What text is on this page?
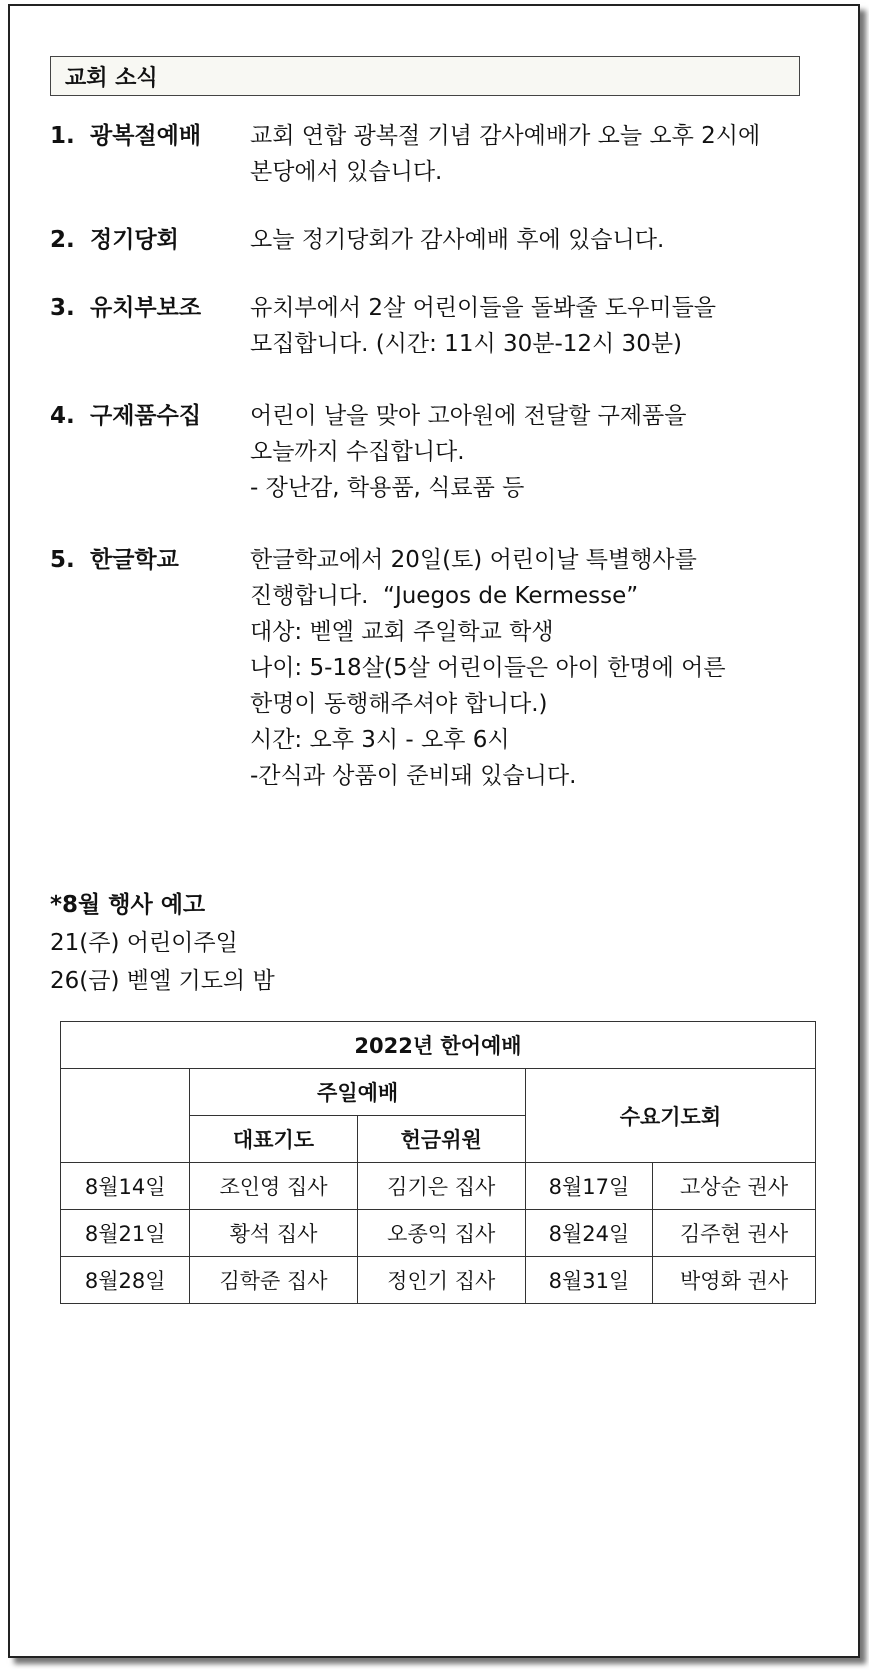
교회 소식
1. 광복절예배	교회 연합 광복절 기념 감사예배가 오늘 오후 2시에
본당에서 있습니다.
2. 정기당회	오늘 정기당회가 감사예배 후에 있습니다.
3. 유치부보조	유치부에서 2살 어린이들을 돌봐줄 도우미들을
모집합니다. (시간: 11시 30분-12시 30분)
4. 구제품수집	어린이 날을 맞아 고아원에 전달할 구제품을
오늘까지 수집합니다.
- 장난감, 학용품, 식료품 등
5. 한글학교	한글학교에서 20일(토) 어린이날 특별행사를
진행합니다.  “Juegos de Kermesse”
대상: 벧엘 교회 주일학교 학생
나이: 5-18살(5살 어린이들은 아이 한명에 어른
한명이 동행해주셔야 합니다.)
시간: 오후 3시 - 오후 6시
-간식과 상품이 준비돼 있습니다.
*8월 행사 예고
21(주) 어린이주일
26(금) 벧엘 기도의 밤
2022년 한어예배				
	주일예배		수요기도회	
	대표기도	헌금위원		
8월14일	조인영 집사	김기은 집사	8월17일	고상순 권사
8월21일	황석 집사	오종익 집사	8월24일	김주현 권사
8월28일	김학준 집사	정인기 집사	8월31일	박영화 권사
